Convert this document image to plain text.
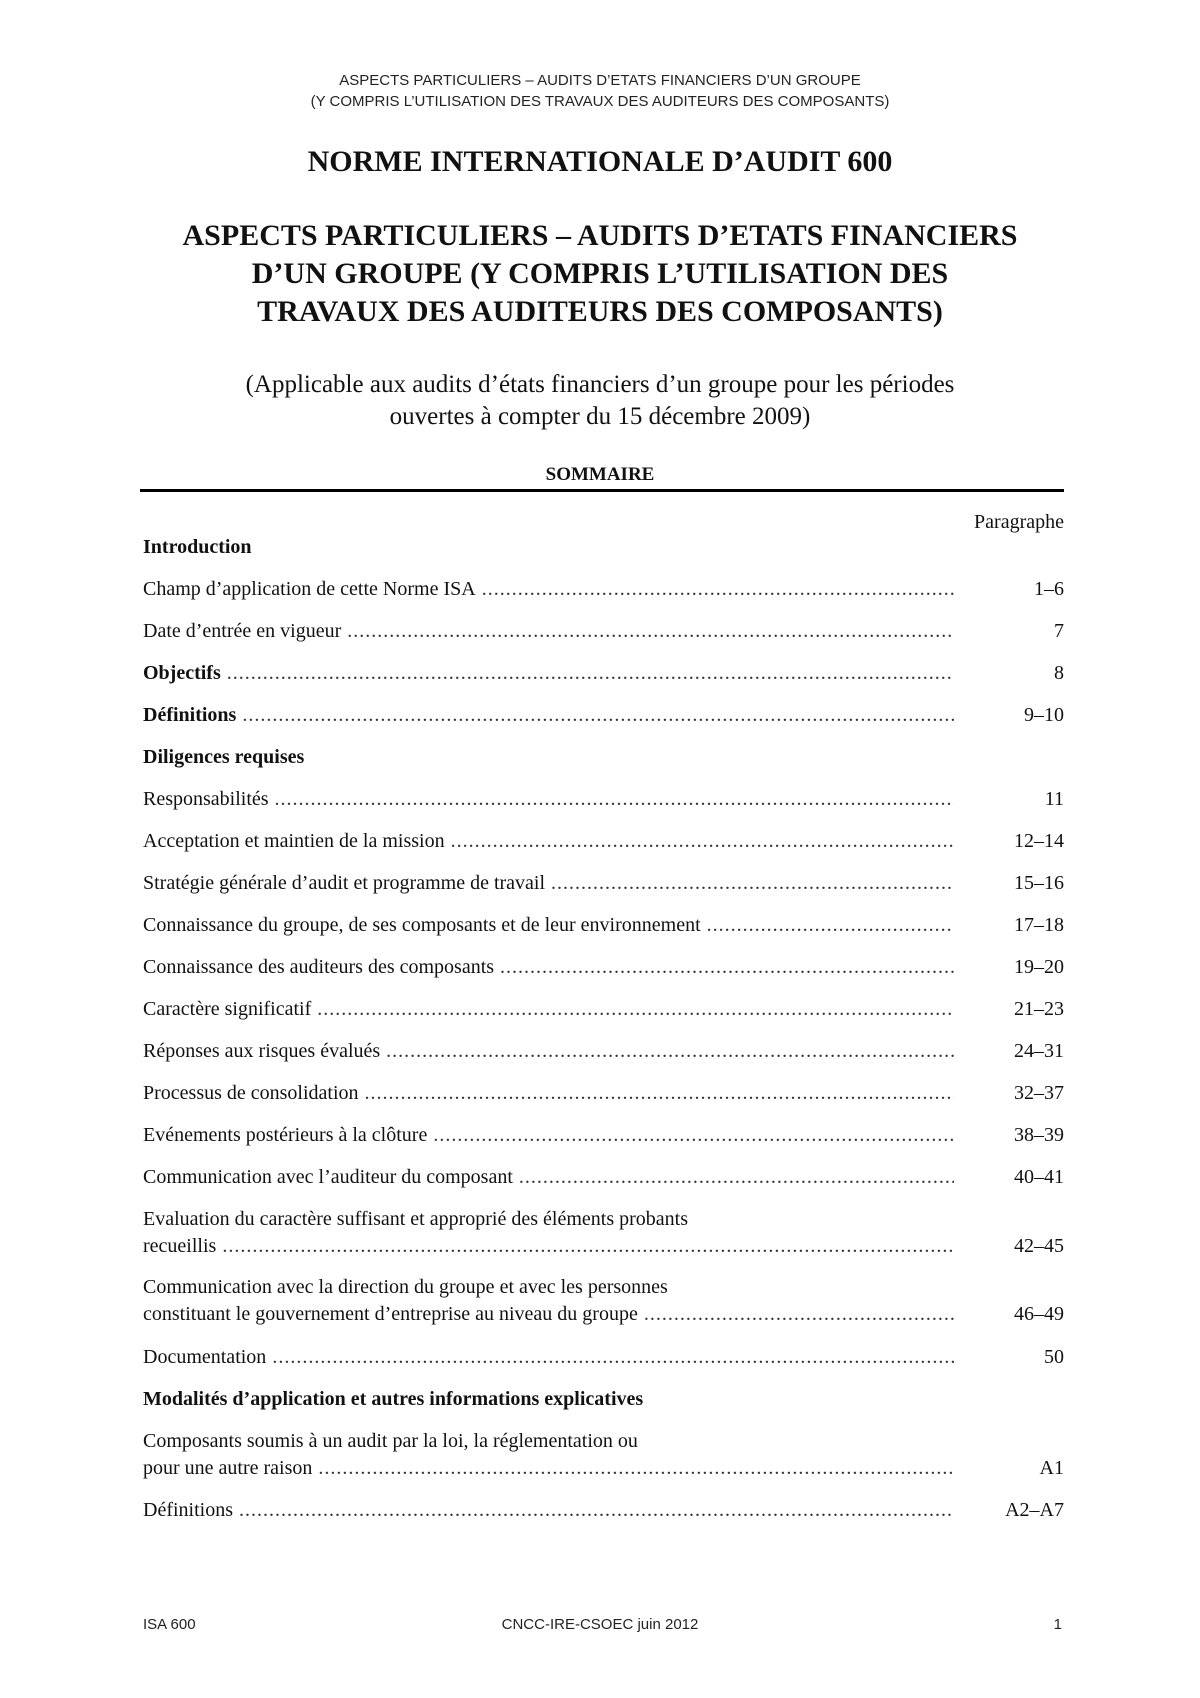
ASPECTS PARTICULIERS – AUDITS D’ETATS FINANCIERS D’UN GROUPE
(Y COMPRIS L’UTILISATION DES TRAVAUX DES AUDITEURS DES COMPOSANTS)
NORME INTERNATIONALE D’AUDIT 600
ASPECTS PARTICULIERS – AUDITS D’ETATS FINANCIERS
D’UN GROUPE (Y COMPRIS L’UTILISATION DES
TRAVAUX DES AUDITEURS DES COMPOSANTS)
(Applicable aux audits d’états financiers d’un groupe pour les périodes
ouvertes à compter du 15 décembre 2009)
SOMMAIRE
Paragraphe
Introduction
Champ d’application de cette Norme ISA .....	1–6
Date d’entrée en vigueur .....	7
Objectifs .....	8
Définitions .....	9–10
Diligences requises
Responsabilités .....	11
Acceptation et maintien de la mission .....	12–14
Stratégie générale d’audit et programme de travail .....	15–16
Connaissance du groupe, de ses composants et de leur environnement .....	17–18
Connaissance des auditeurs des composants .....	19–20
Caractère significatif .....	21–23
Réponses aux risques évalués .....	24–31
Processus de consolidation .....	32–37
Evénements postérieurs à la clôture .....	38–39
Communication avec l’auditeur du composant .....	40–41
Evaluation du caractère suffisant et approprié des éléments probants
recueillis .....	42–45
Communication avec la direction du groupe et avec les personnes
constituant le gouvernement d’entreprise au niveau du groupe .....	46–49
Documentation .....	50
Modalités d’application et autres informations explicatives
Composants soumis à un audit par la loi, la réglementation ou
pour une autre raison .....	A1
Définitions .....	A2–A7
ISA 600	CNCC-IRE-CSOEC juin 2012	1
